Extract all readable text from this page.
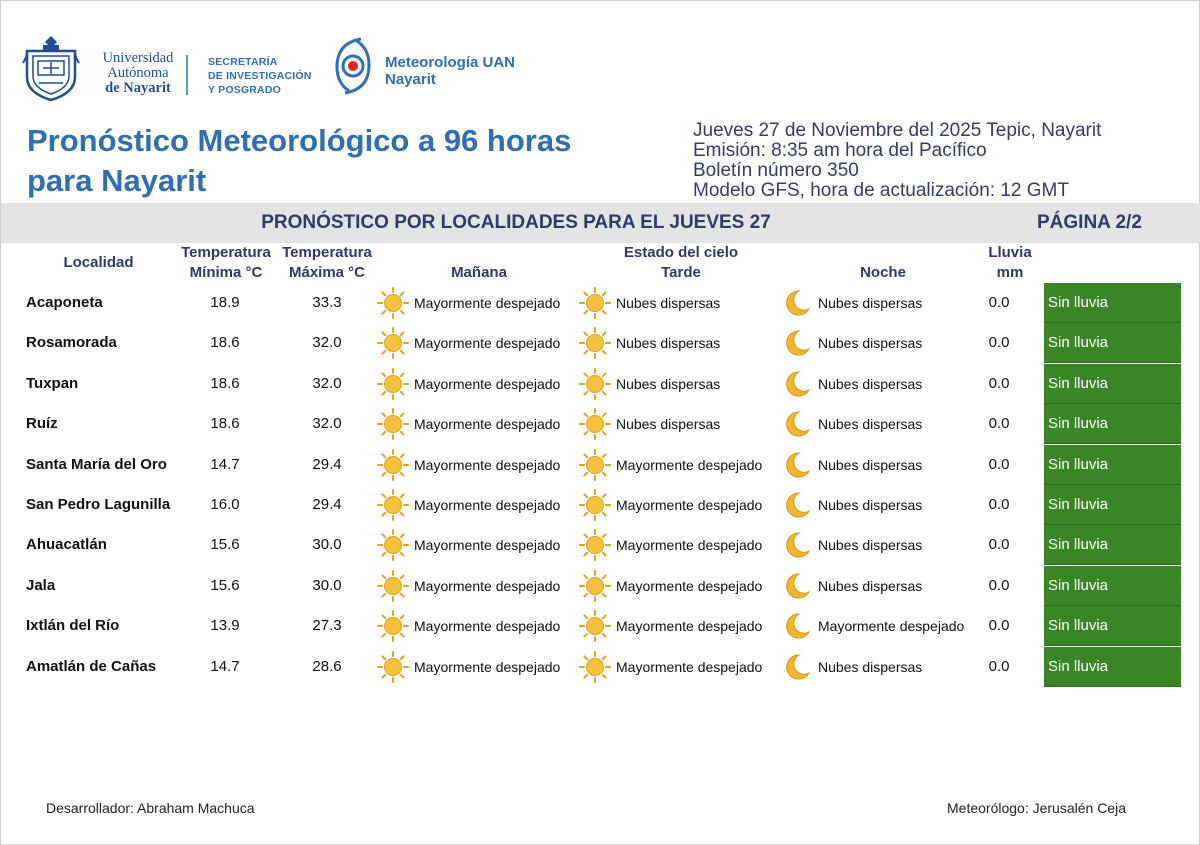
Universidad
Autónoma
de Nayarit
SECRETARÍA
DE INVESTIGACIÓN
Y POSGRADO
Meteorología UAN
Nayarit
Pronóstico Meteorológico a 96 horas
para Nayarit
Jueves 27 de Noviembre del 2025 Tepic, Nayarit
Emisión: 8:35 am hora del Pacífico
Boletín número 350
Modelo GFS, hora de actualización: 12 GMT
PRONÓSTICO POR LOCALIDADES PARA EL JUEVES 27	PÁGINA 2/2
Localidad
Temperatura
Mínima °C
Temperatura
Máxima °C
Estado del cielo
Mañana	Tarde	Noche
Lluvia
mm
Acaponeta	18.9	33.3	Mayormente despejado	Nubes dispersas	Nubes dispersas	0.0	Sin lluvia
Rosamorada	18.6	32.0	Mayormente despejado	Nubes dispersas	Nubes dispersas	0.0	Sin lluvia
Tuxpan	18.6	32.0	Mayormente despejado	Nubes dispersas	Nubes dispersas	0.0	Sin lluvia
Ruíz	18.6	32.0	Mayormente despejado	Nubes dispersas	Nubes dispersas	0.0	Sin lluvia
Santa María del Oro	14.7	29.4	Mayormente despejado	Mayormente despejado	Nubes dispersas	0.0	Sin lluvia
San Pedro Lagunilla	16.0	29.4	Mayormente despejado	Mayormente despejado	Nubes dispersas	0.0	Sin lluvia
Ahuacatlán	15.6	30.0	Mayormente despejado	Mayormente despejado	Nubes dispersas	0.0	Sin lluvia
Jala	15.6	30.0	Mayormente despejado	Mayormente despejado	Nubes dispersas	0.0	Sin lluvia
Ixtlán del Río	13.9	27.3	Mayormente despejado	Mayormente despejado	Mayormente despejado	0.0	Sin lluvia
Amatlán de Cañas	14.7	28.6	Mayormente despejado	Mayormente despejado	Nubes dispersas	0.0	Sin lluvia
Desarrollador: Abraham Machuca	Meteorólogo: Jerusalén Ceja
